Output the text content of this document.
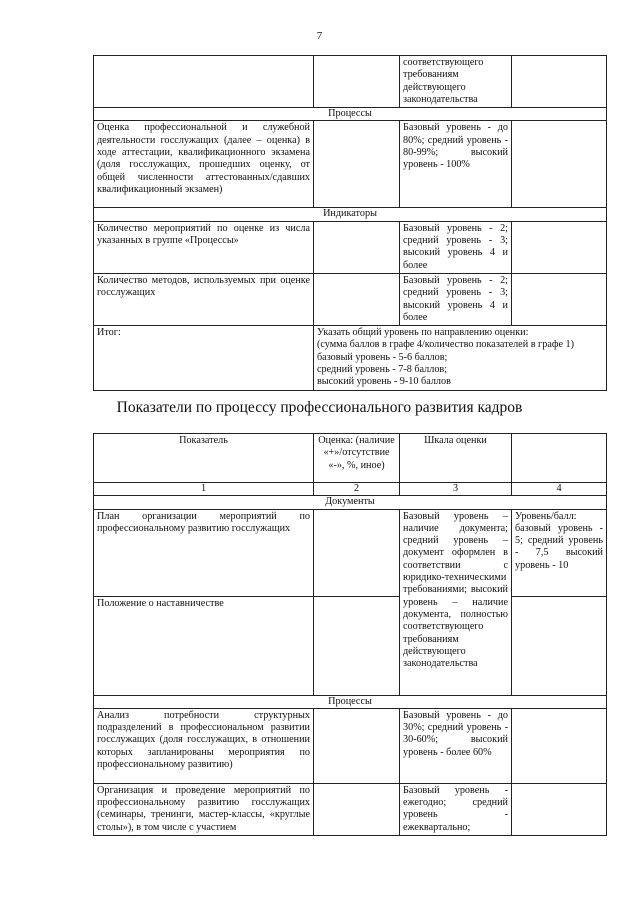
7
		соответствующего требованиям действующего законодательства	
Процессы			
Оценка профессиональной и служебной деятельности госслужащих (далее – оценка) в ходе аттестации, квалификационного экзамена (доля госслужащих, прошедших оценку, от общей численности аттестованных/сдавших квалификационный экзамен)		Базовый уровень - до 80%; средний уровень - 80-99%; высокий уровень - 100%	
Индикаторы			
Количество мероприятий по оценке из числа указанных в группе «Процессы»		Базовый уровень - 2; средний уровень - 3; высокий уровень 4 и более	
Количество методов, используемых при оценке госслужащих		Базовый уровень - 2; средний уровень - 3; высокий уровень 4 и более	
Итог:	Указать общий уровень по направлению оценки:
(сумма баллов в графе 4/количество показателей в графе 1)
базовый уровень - 5-6 баллов;
средний уровень - 7-8 баллов;
высокий уровень - 9-10 баллов		
Показатели по процессу профессионального развития кадров
Показатель	Оценка: (наличие «+»/отсутствие «-», %, иное)	Шкала оценки	
1	2	3	4
Документы			
План организации мероприятий по профессиональному развитию госслужащих		Базовый уровень – наличие документа; средний уровень – документ оформлен в соответствии с юридико-техническими требованиями; высокий уровень – наличие документа, полностью соответствующего требованиям действующего законодательства	Уровень/балл: базовый уровень - 5; средний уровень - 7,5 высокий уровень - 10
Положение о наставничестве			
Процессы			
Анализ потребности структурных подразделений в профессиональном развитии госслужащих (доля госслужащих, в отношении которых запланированы мероприятия по профессиональному развитию)		Базовый уровень - до 30%; средний уровень - 30-60%; высокий уровень - более 60%	
Организация и проведение мероприятий по профессиональному развитию госслужащих (семинары, тренинги, мастер-классы, «круглые столы»), в том числе с участием		Базовый уровень - ежегодно; средний уровень - ежеквартально;	
